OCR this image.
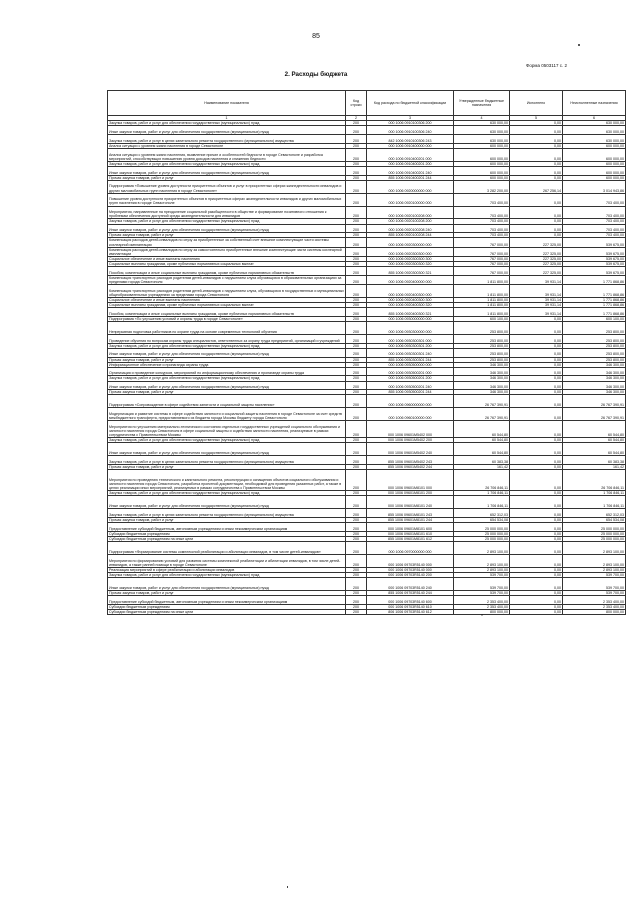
85
Форма 0503117 с. 2
2. Расходы бюджета
Наименование показателя	Код строки	Код расхода по бюджетной классификации	Утвержденные бюджетные назначения	Исполнено	Неисполненные назначения
1	2	3	4	5	6
Закупка товаров, работ и услуг для обеспечения государственных (муниципальных) нужд	200	000 1006 0910100306 200	630 000,00	0,00	630 000,00
Иные закупки товаров, работ и услуг для обеспечения государственных (муниципальных) нужд	200	000 1006 0910100306 240	630 000,00	0,00	630 000,00
Закупка товаров, работ и услуг в целях капитального ремонта государственного (муниципального) имущества	200	842 1006 0910100306 243	630 000,00	0,00	630 000,00
Анализ ситуации с уровнем жизни населения в городе Севастополе	200	000 1006 0910400000 000	600 000,00	0,00	600 000,00
Анализ ситуации с уровнем жизни населения, выявление причин и особенностей бедности в городе Севастополе и разработка мероприятий, способствующих повышению уровня доходов населения и снижению бедности	200	000 1006 0910400201 000	600 000,00	0,00	600 000,00
Закупка товаров, работ и услуг для обеспечения государственных (муниципальных) нужд	200	000 1006 0910400201 200	600 000,00	0,00	600 000,00
Иные закупки товаров, работ и услуг для обеспечения государственных (муниципальных) нужд	200	000 1006 0910400201 240	600 000,00	0,00	600 000,00
Прочая закупка товаров, работ и услуг	200	855 1006 0910400201 244	600 000,00	0,00	600 000,00
Подпрограмма «Повышение уровня доступности приоритетных объектов и услуг в приоритетных сферах жизнедеятельности инвалидов и других маломобильных групп населения в городе Севастополе»	200	000 1006 0920000000 000	3 282 200,00	267 256,14	3 014 943,86
Повышение уровня доступности приоритетных объектов в приоритетных сферах жизнедеятельности инвалидов и других маломобильных групп населения в городе Севастополе	200	000 1006 0920100000 000	703 400,00	0,00	703 400,00
Мероприятия, направленные на преодоление социальной разобщенности в обществе и формирование позитивного отношения к проблемам обеспечения доступной среды жизнедеятельности для инвалидов	200	000 1006 0920100208 000	703 400,00	0,00	703 400,00
Закупка товаров, работ и услуг для обеспечения государственных (муниципальных) нужд	200	000 1006 0920100208 200	703 400,00	0,00	703 400,00
Иные закупки товаров, работ и услуг для обеспечения государственных (муниципальных) нужд	200	000 1006 0920100208 240	703 400,00	0,00	703 400,00
Прочая закупка товаров, работ и услуг	200	855 1006 0920100208 244	703 400,00	0,00	703 400,00
Компенсация расходов детей-инвалидов по спузу за приобретенные за собственный счет внешние комплектующие части системы кохлеарной имплантации	200	000 1006 0920300000 000	767 000,00	227 325,00	539 675,00
Компенсация расходов детей-инвалидов по спузу за самостоятельно приобретенные внешние комплектующие части системы кохлеарной имплантации	200	000 1006 0920300300 000	767 000,00	227 325,00	539 675,00
Социальное обеспечение и иные выплаты населению	200	000 1006 0920300300 300	767 000,00	227 325,00	539 675,00
Социальные выплаты гражданам, кроме публичных нормативных социальных выплат	200	000 1006 0920300300 320	767 000,00	227 325,00	539 675,00
Пособия, компенсации и иные социальные выплаты гражданам, кроме публичных нормативных обязательств	200	855 1006 0920300300 321	767 000,00	227 325,00	539 675,00
Компенсация транспортных расходов родителям детей-инвалидов с нарушением слуха обучающихся в образовательных организациях за пределами города Севастополя	200	000 1006 0920400000 000	1 811 800,00	39 931,14	1 771 868,86
Компенсация транспортных расходов родителям детей-инвалидов с нарушением слуха, обучающихся в государственных и муниципальных общеобразовательных учреждениях за пределами города Севастополя	200	000 1006 0920400300 000	1 811 800,00	39 931,14	1 771 868,86
Социальное обеспечение и иные выплаты населению	200	000 1006 0920400300 300	1 811 800,00	39 931,14	1 771 868,86
Социальные выплаты гражданам, кроме публичных нормативных социальных выплат	200	000 1006 0920400300 320	1 811 800,00	39 931,14	1 771 868,86
Пособия, компенсации и иные социальные выплаты гражданам, кроме публичных нормативных обязательств	200	855 1006 0920400300 321	1 811 800,00	39 931,14	1 771 868,86
Подпрограмма «По улучшению условий и охраны труда в городе Севастополе»	200	000 1006 0930000000 000	600 100,00	0,00	600 100,00
Непрерывная подготовка работников по охране труда на основе современных технологий обучения	200	000 1006 0930300000 000	253 800,00	0,00	253 800,00
Проведение обучения по вопросам охраны труда специалистов, ответственных за охрану труда предприятий, организаций и учреждений	200	000 1006 0930300301 000	253 800,00	0,00	253 800,00
Закупка товаров, работ и услуг для обеспечения государственных (муниципальных) нужд	200	000 1006 0930300301 200	253 800,00	0,00	253 800,00
Иные закупки товаров, работ и услуг для обеспечения государственных (муниципальных) нужд	200	000 1006 0930300301 240	253 800,00	0,00	253 800,00
Прочая закупка товаров, работ и услуг	200	855 1006 0930300301 244	253 800,00	0,00	253 800,00
Информационное обеспечение и пропаганда охраны труда	200	000 1006 0930500000 000	346 300,00	0,00	346 300,00
Организация и проведение конкурсов, мероприятий по информационному обеспечению и пропаганде охраны труда	200	000 1006 0930500201 000	346 300,00	0,00	346 300,00
Закупка товаров, работ и услуг для обеспечения государственных (муниципальных) нужд	200	000 1006 0930500201 200	346 300,00	0,00	346 300,00
Иные закупки товаров, работ и услуг для обеспечения государственных (муниципальных) нужд	200	000 1006 0930500201 240	346 300,00	0,00	346 300,00
Прочая закупка товаров, работ и услуг	200	855 1006 0930500201 244	346 300,00	0,00	346 300,00
Подпрограмма «Сопровождение в сфере содействия занятости и социальной защиты населения»	200	000 1006 0960000000 000	26 767 390,91	0,00	26 767 390,91
Модернизация и развитие системы в сфере содействия занятости и социальной защиты населения в городе Севастополе за счет средств межбюджетного трансферта, предоставляемого из бюджета города Москвы бюджету города Севастополя	200	000 1006 0960100000 000	26 767 390,91	0,00	26 767 390,91
Мероприятия по улучшению материально-технического состояния отдельных государственных учреждений социального обслуживания и занятости населения города Севастополя в сфере социальной защиты и содействия занятости населения, реализуемые в рамках сотрудничества с Правительством Москвы	200	000 1006 09601М5402 000	60 544,80	0,00	60 544,80
Закупка товаров, работ и услуг для обеспечения государственных (муниципальных) нужд	200	000 1006 09601М5402 200	60 544,80	0,00	60 544,80
Иные закупки товаров, работ и услуг для обеспечения государственных (муниципальных) нужд	200	000 1006 09601М5402 240	60 544,80	0,00	60 544,80
Закупка товаров, работ и услуг в целях капитального ремонта государственного (муниципального) имущества	200	855 1006 09601М5402 243	60 383,38	0,00	60 383,38
Прочая закупка товаров, работ и услуг	200	855 1006 09601М5402 244	161,42	0,00	161,42
Мероприятия по проведению технического и капитального ремонта, реконструкции и оснащению объектов социального обслуживания и занятости населения города Севастополя, разработка проектной документации, необходимой для проведения указанных работ, а также в целях реализации иных мероприятий, реализуемых в рамках сотрудничества с Правительством Москвы	200	000 1006 09601М8101 000	26 706 846,11	0,00	26 706 846,11
Закупка товаров, работ и услуг для обеспечения государственных (муниципальных) нужд	200	000 1006 09601М8101 200	1 706 846,11	0,00	1 706 846,11
Иные закупки товаров, работ и услуг для обеспечения государственных (муниципальных) нужд	200	000 1006 09601М8101 240	1 706 846,11	0,00	1 706 846,11
Закупка товаров, работ и услуг в целях капитального ремонта государственного (муниципального) имущества	200	855 1006 09601М8101 243	652 312,03	0,00	652 312,03
Прочая закупка товаров, работ и услуг	200	855 1006 09601М8101 244	654 534,08	0,00	654 534,08
Предоставление субсидий бюджетным, автономным учреждениям и иным некоммерческим организациям	200	000 1006 09601М8101 600	25 000 000,00	0,00	25 000 000,00
Субсидии бюджетным учреждениям	200	000 1006 09601М8101 610	25 000 000,00	0,00	25 000 000,00
Субсидии бюджетным учреждениям на иные цели	200	855 1006 09601М8101 612	25 000 000,00	0,00	25 000 000,00
Подпрограмма «Формирование системы комплексной реабилитации и абилитации инвалидов, в том числе детей-инвалидов»	200	000 1006 0970000000 000	2 893 100,00	0,00	2 893 100,00
Мероприятия по формированию условий для развития системы комплексной реабилитации и абилитации инвалидов, в том числе детей-инвалидов, а также ранней помощи в городе Севастополе	200	000 1006 09703R5140 000	2 893 100,00	0,00	2 893 100,00
Реализация мероприятий в сфере реабилитации и абилитации инвалидов	200	000 1006 09703R5140 000	2 893 100,00	0,00	2 893 100,00
Закупка товаров, работ и услуг для обеспечения государственных (муниципальных) нужд	200	000 1006 09703R5140 200	539 700,00	0,00	539 700,00
Иные закупки товаров, работ и услуг для обеспечения государственных (муниципальных) нужд	200	000 1006 09703R5140 240	539 700,00	0,00	539 700,00
Прочая закупка товаров, работ и услуг	200	855 1006 09703R5140 244	539 700,00	0,00	539 700,00
Предоставление субсидий бюджетным, автономным учреждениям и иным некоммерческим организациям	200	000 1006 09703R5140 600	2 353 400,00	0,00	2 353 400,00
Субсидии бюджетным учреждениям	200	000 1006 09703R5140 610	2 353 400,00	0,00	2 353 400,00
Субсидии бюджетным учреждениям на иные цели	200	806 1006 09703R5140 612	800 000,00	0,00	800 000,00
*
